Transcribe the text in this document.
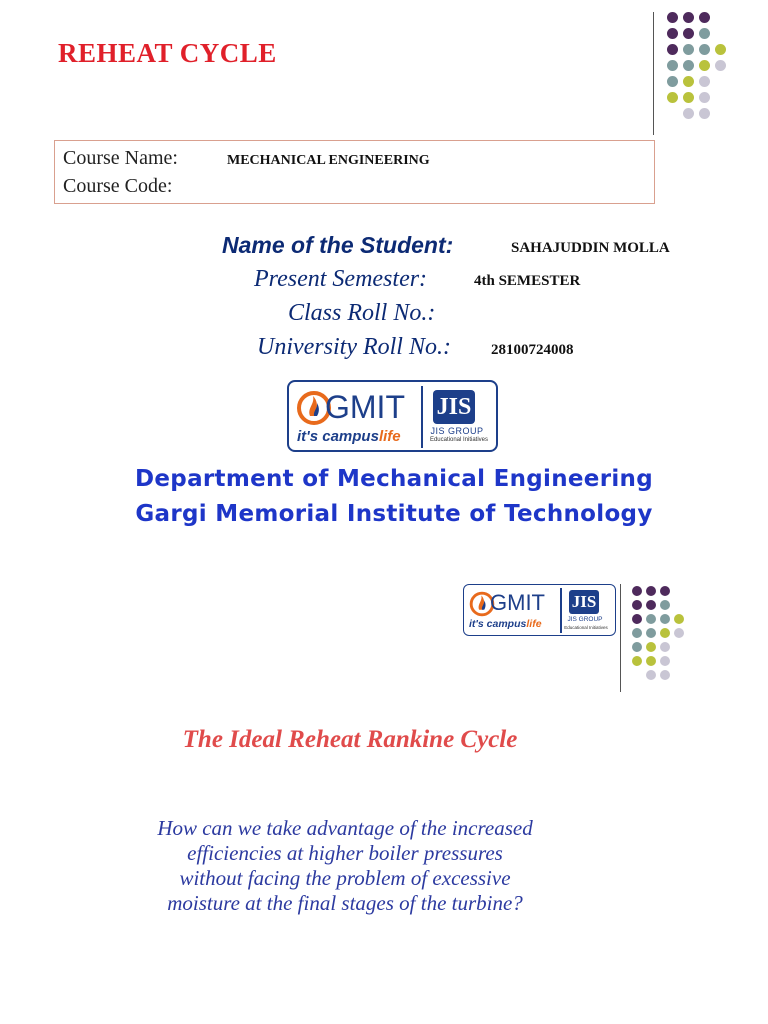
REHEAT CYCLE
Course Name:	MECHANICAL ENGINEERING
Course Code:
Name of the Student:	SAHAJUDDIN MOLLA
Present Semester:	4th SEMESTER
Class Roll No.:
University Roll No.:	28100724008
GMIT
it's campuslife
JIS
JIS GROUP
Educational Initiatives
Department of Mechanical Engineering
Gargi Memorial Institute of Technology
GMIT
it's campuslife
JIS
JIS GROUP
Educational Initiatives
The Ideal Reheat Rankine Cycle
How can we take advantage of the increased
efficiencies at higher boiler pressures
without facing the problem of excessive
moisture at the final stages of the turbine?
